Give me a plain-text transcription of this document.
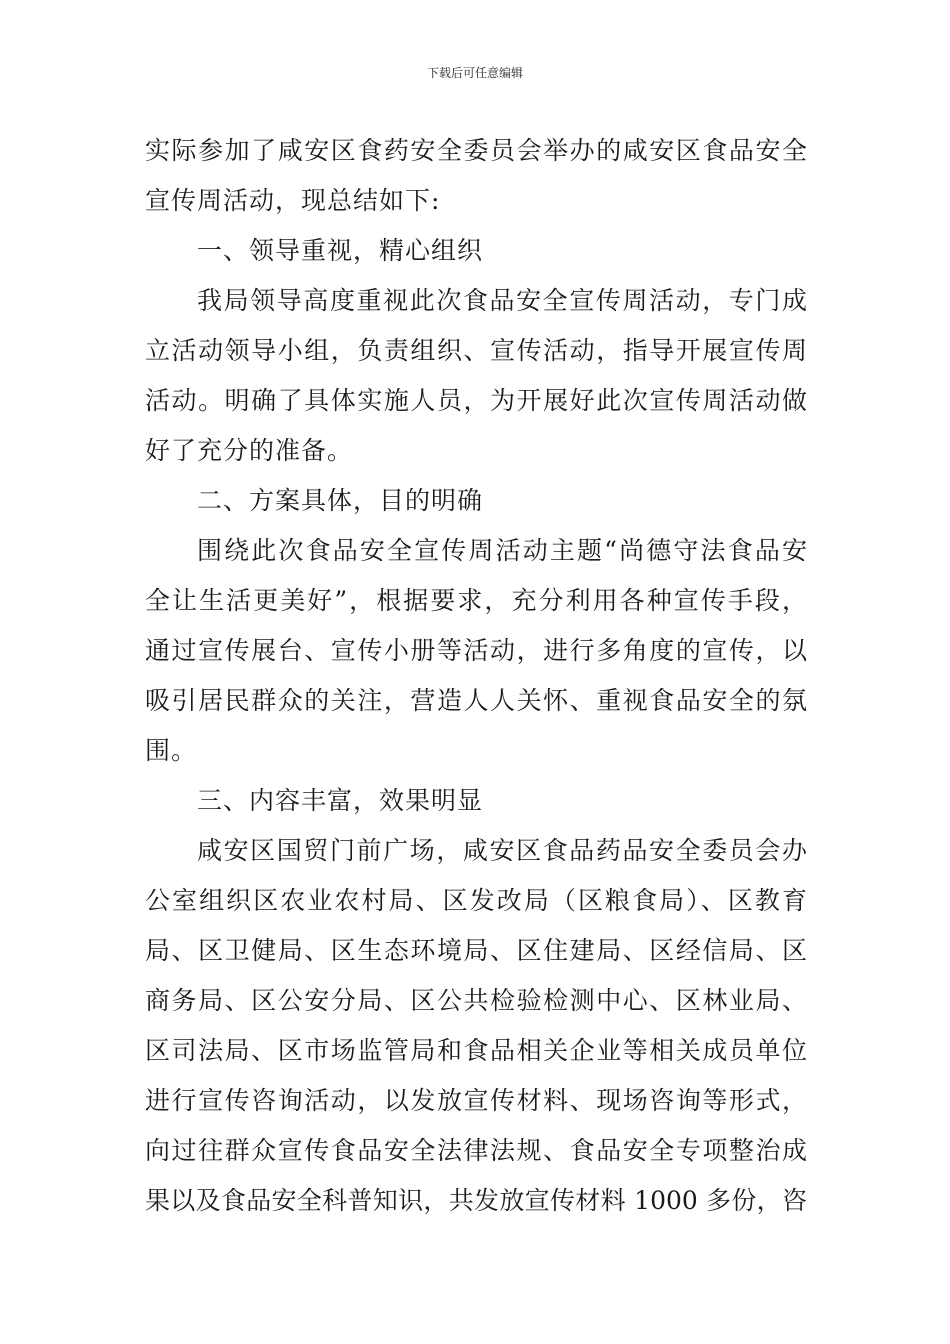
下载后可任意编辑
实际参加了咸安区食药安全委员会举办的咸安区食品安全
宣传周活动，现总结如下:
一、领导重视，精心组织
我局领导高度重视此次食品安全宣传周活动，专门成
立活动领导小组，负责组织、宣传活动，指导开展宣传周
活动。明确了具体实施人员，为开展好此次宣传周活动做
好了充分的准备。
二、方案具体，目的明确
围绕此次食品安全宣传周活动主题“尚德守法食品安
全让生活更美好”，根据要求，充分利用各种宣传手段，
通过宣传展台、宣传小册等活动，进行多角度的宣传，以
吸引居民群众的关注，营造人人关怀、重视食品安全的氛
围。
三、内容丰富，效果明显
咸安区国贸门前广场，咸安区食品药品安全委员会办
公室组织区农业农村局、区发改局（区粮食局）、区教育
局、区卫健局、区生态环境局、区住建局、区经信局、区
商务局、区公安分局、区公共检验检测中心、区林业局、
区司法局、区市场监管局和食品相关企业等相关成员单位
进行宣传咨询活动，以发放宣传材料、现场咨询等形式，
向过往群众宣传食品安全法律法规、食品安全专项整治成
果以及食品安全科普知识，共发放宣传材料 1000 多份，咨
